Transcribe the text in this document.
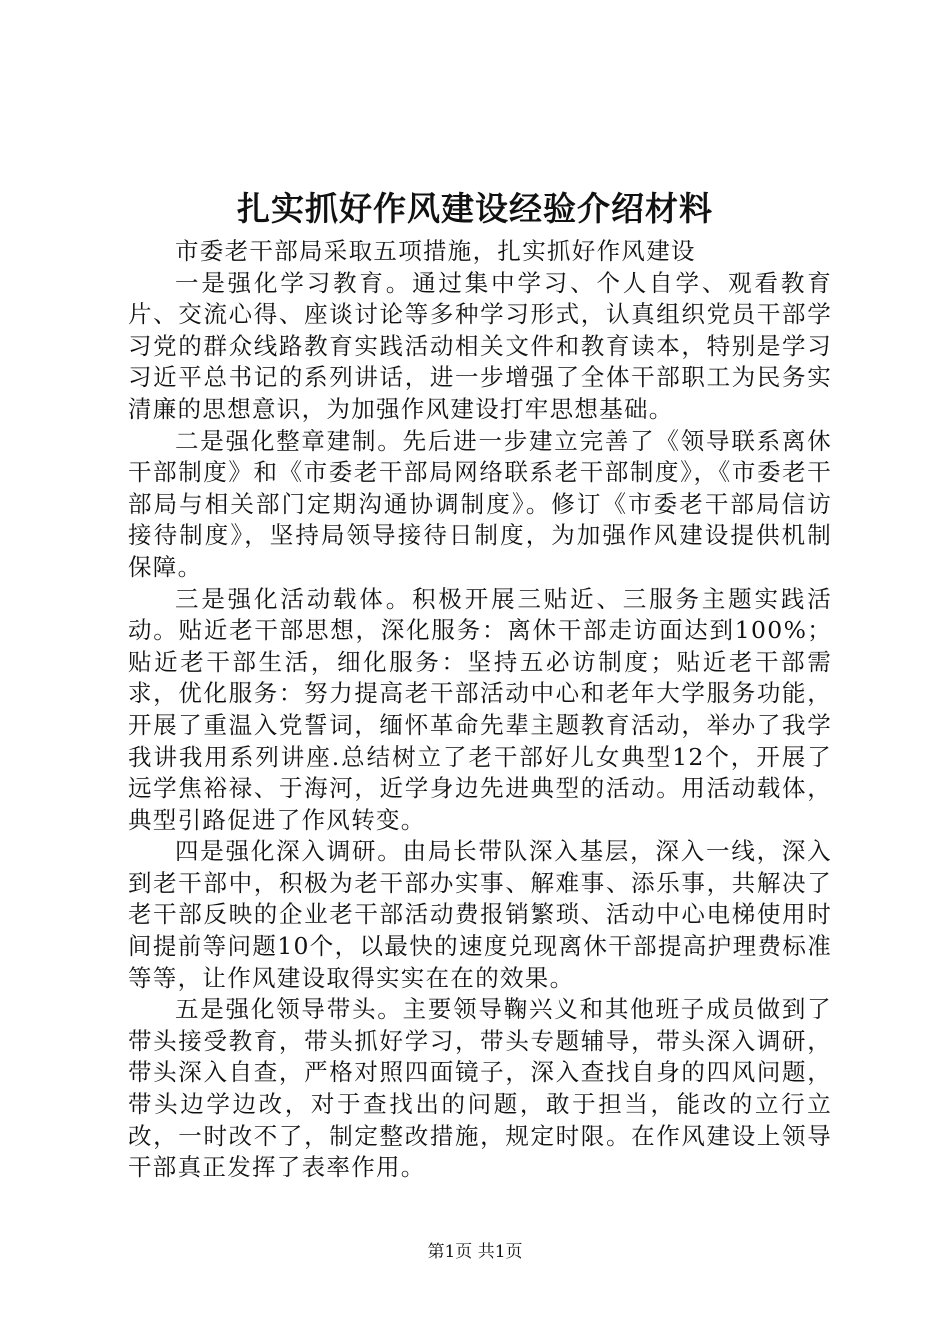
扎实抓好作风建设经验介绍材料

市委老干部局采取五项措施，扎实抓好作风建设

一是强化学习教育。通过集中学习、个人自学、观看教育片、交流心得、座谈讨论等多种学习形式，认真组织党员干部学习党的群众线路教育实践活动相关文件和教育读本，特别是学习习近平总书记的系列讲话，进一步增强了全体干部职工为民务实清廉的思想意识，为加强作风建设打牢思想基础。

二是强化整章建制。先后进一步建立完善了《领导联系离休干部制度》和《市委老干部局网络联系老干部制度》，《市委老干部局与相关部门定期沟通协调制度》。修订《市委老干部局信访接待制度》，坚持局领导接待日制度，为加强作风建设提供机制保障。

三是强化活动载体。积极开展三贴近、三服务主题实践活动。贴近老干部思想，深化服务：离休干部走访面达到100%；贴近老干部生活，细化服务：坚持五必访制度；贴近老干部需求，优化服务：努力提高老干部活动中心和老年大学服务功能，开展了重温入党誓词，缅怀革命先辈主题教育活动，举办了我学我讲我用系列讲座.总结树立了老干部好儿女典型12个，开展了远学焦裕禄、于海河，近学身边先进典型的活动。用活动载体，典型引路促进了作风转变。

四是强化深入调研。由局长带队深入基层，深入一线，深入到老干部中，积极为老干部办实事、解难事、添乐事，共解决了老干部反映的企业老干部活动费报销繁琐、活动中心电梯使用时间提前等问题10个，以最快的速度兑现离休干部提高护理费标准等等，让作风建设取得实实在在的效果。

五是强化领导带头。主要领导鞠兴义和其他班子成员做到了带头接受教育，带头抓好学习，带头专题辅导，带头深入调研，带头深入自查，严格对照四面镜子，深入查找自身的四风问题，带头边学边改，对于查找出的问题，敢于担当，能改的立行立改，一时改不了，制定整改措施，规定时限。在作风建设上领导干部真正发挥了表率作用。

第1页 共1页
